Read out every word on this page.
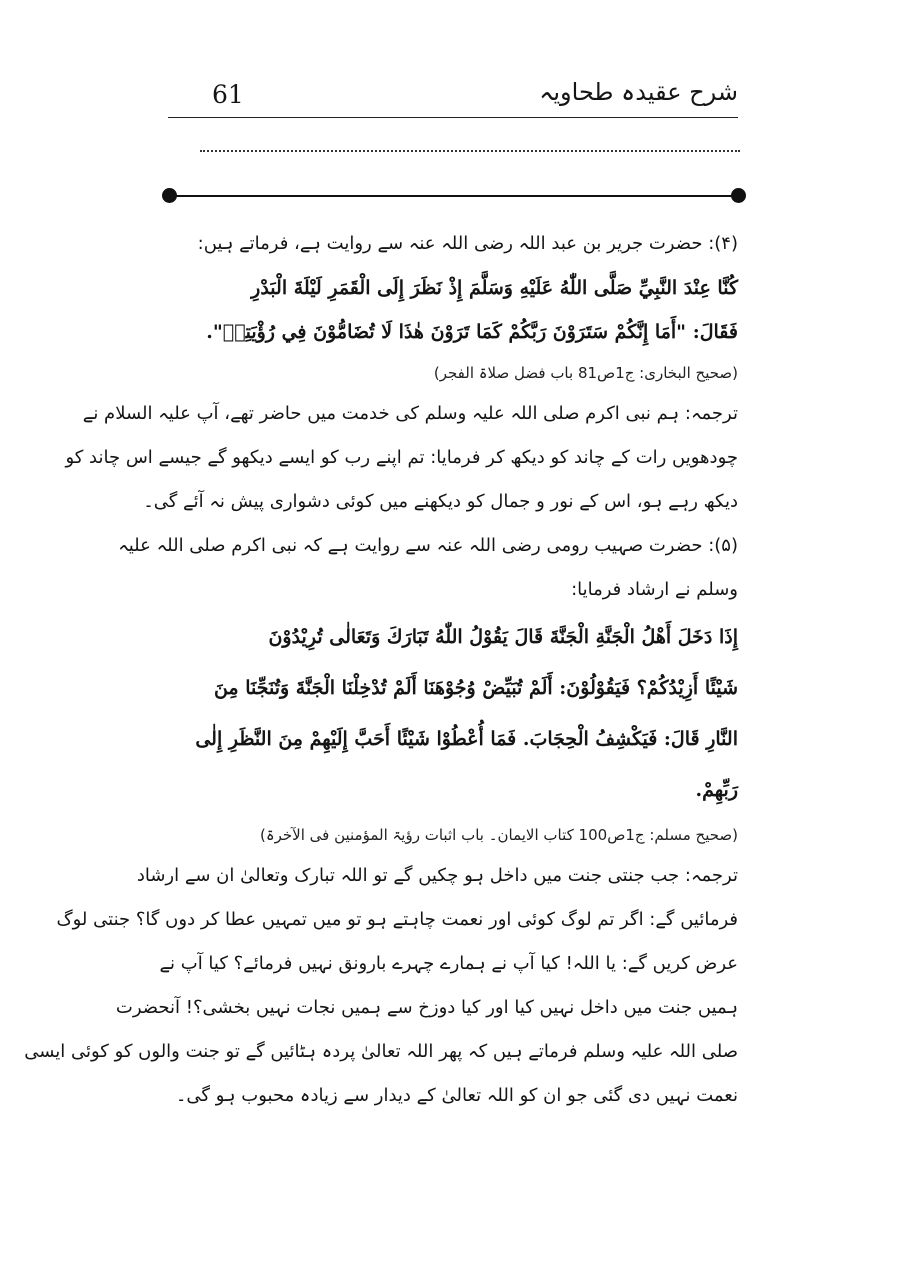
شرح عقیدہ طحاویہ
61

(۴): حضرت جریر بن عبد اللہ رضی اللہ عنہ سے روایت ہے، فرماتے ہیں:

كُنَّا عِنْدَ النَّبِيِّ صَلَّى اللّٰهُ عَلَيْهِ وَسَلَّمَ إِذْ نَظَرَ إِلَى الْقَمَرِ لَيْلَةَ الْبَدْرِ

فَقَالَ: "أَمَا إِنَّكُمْ سَتَرَوْنَ رَبَّكُمْ كَمَا تَرَوْنَ هٰذَا لَا تُضَامُّوْنَ فِي رُؤْيَتِهٖ".

(صحیح البخاری: ج1ص81 باب فضل صلاۃ الفجر)

ترجمہ: ہم نبی اکرم صلی اللہ علیہ وسلم کی خدمت میں حاضر تھے، آپ علیہ السلام نے

چودھویں رات کے چاند کو دیکھ کر فرمایا: تم اپنے رب کو ایسے دیکھو گے جیسے اس چاند کو

دیکھ رہے ہو، اس کے نور و جمال کو دیکھنے میں کوئی دشواری پیش نہ آئے گی۔

(۵): حضرت صہیب رومی رضی اللہ عنہ سے روایت ہے کہ نبی اکرم صلی اللہ علیہ

وسلم نے ارشاد فرمایا:

إِذَا دَخَلَ أَهْلُ الْجَنَّةِ الْجَنَّةَ قَالَ يَقُوْلُ اللّٰهُ تَبَارَكَ وَتَعَالٰى تُرِيْدُوْنَ

شَيْئًا أَزِيْدُكُمْ؟ فَيَقُوْلُوْنَ: أَلَمْ تُبَيِّضْ وُجُوْهَنَا أَلَمْ تُدْخِلْنَا الْجَنَّةَ وَتُنَجِّنَا مِنَ

النَّارِ قَالَ: فَيَكْشِفُ الْحِجَابَ. فَمَا أُعْطُوْا شَيْئًا أَحَبَّ إِلَيْهِمْ مِنَ النَّظَرِ إِلٰى

رَبِّهِمْ.

(صحیح مسلم: ج1ص100 کتاب الایمان۔ باب اثبات رؤیۃ المؤمنین فی الآخرۃ)

ترجمہ: جب جنتی جنت میں داخل ہو چکیں گے تو اللہ تبارک وتعالیٰ ان سے ارشاد

فرمائیں گے: اگر تم لوگ کوئی اور نعمت چاہتے ہو تو میں تمہیں عطا کر دوں گا؟ جنتی لوگ

عرض کریں گے: یا اللہ! کیا آپ نے ہمارے چہرے بارونق نہیں فرمائے؟ کیا آپ نے

ہمیں جنت میں داخل نہیں کیا اور کیا دوزخ سے ہمیں نجات نہیں بخشی؟! آنحضرت

صلی اللہ علیہ وسلم فرماتے ہیں کہ پھر اللہ تعالیٰ پردہ ہٹائیں گے تو جنت والوں کو کوئی ایسی

نعمت نہیں دی گئی جو ان کو اللہ تعالیٰ کے دیدار سے زیادہ محبوب ہو گی۔
